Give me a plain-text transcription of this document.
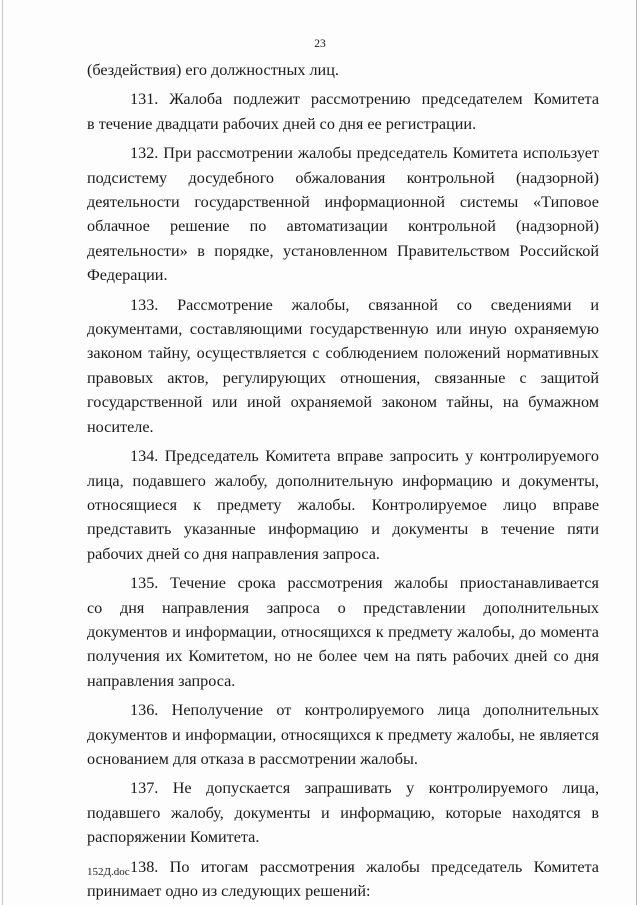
23

(бездействия) его должностных лиц.

131. Жалоба подлежит рассмотрению председателем Комитета
в течение двадцати рабочих дней со дня ее регистрации.

132. При рассмотрении жалобы председатель Комитета использует
подсистему досудебного обжалования контрольной (надзорной)
деятельности государственной информационной системы «Типовое
облачное решение по автоматизации контрольной (надзорной)
деятельности» в порядке, установленном Правительством Российской
Федерации.

133. Рассмотрение жалобы, связанной со сведениями и
документами, составляющими государственную или иную охраняемую
законом тайну, осуществляется с соблюдением положений нормативных
правовых актов, регулирующих отношения, связанные с защитой
государственной или иной охраняемой законом тайны, на бумажном
носителе.

134. Председатель Комитета вправе запросить у контролируемого
лица, подавшего жалобу, дополнительную информацию и документы,
относящиеся к предмету жалобы. Контролируемое лицо вправе
представить указанные информацию и документы в течение пяти
рабочих дней со дня направления запроса.

135. Течение срока рассмотрения жалобы приостанавливается
со дня направления запроса о представлении дополнительных
документов и информации, относящихся к предмету жалобы, до момента
получения их Комитетом, но не более чем на пять рабочих дней со дня
направления запроса.

136. Неполучение от контролируемого лица дополнительных
документов и информации, относящихся к предмету жалобы, не является
основанием для отказа в рассмотрении жалобы.

137. Не допускается запрашивать у контролируемого лица,
подавшего жалобу, документы и информацию, которые находятся в
распоряжении Комитета.

138. По итогам рассмотрения жалобы председатель Комитета
принимает одно из следующих решений:

152Д.doc
